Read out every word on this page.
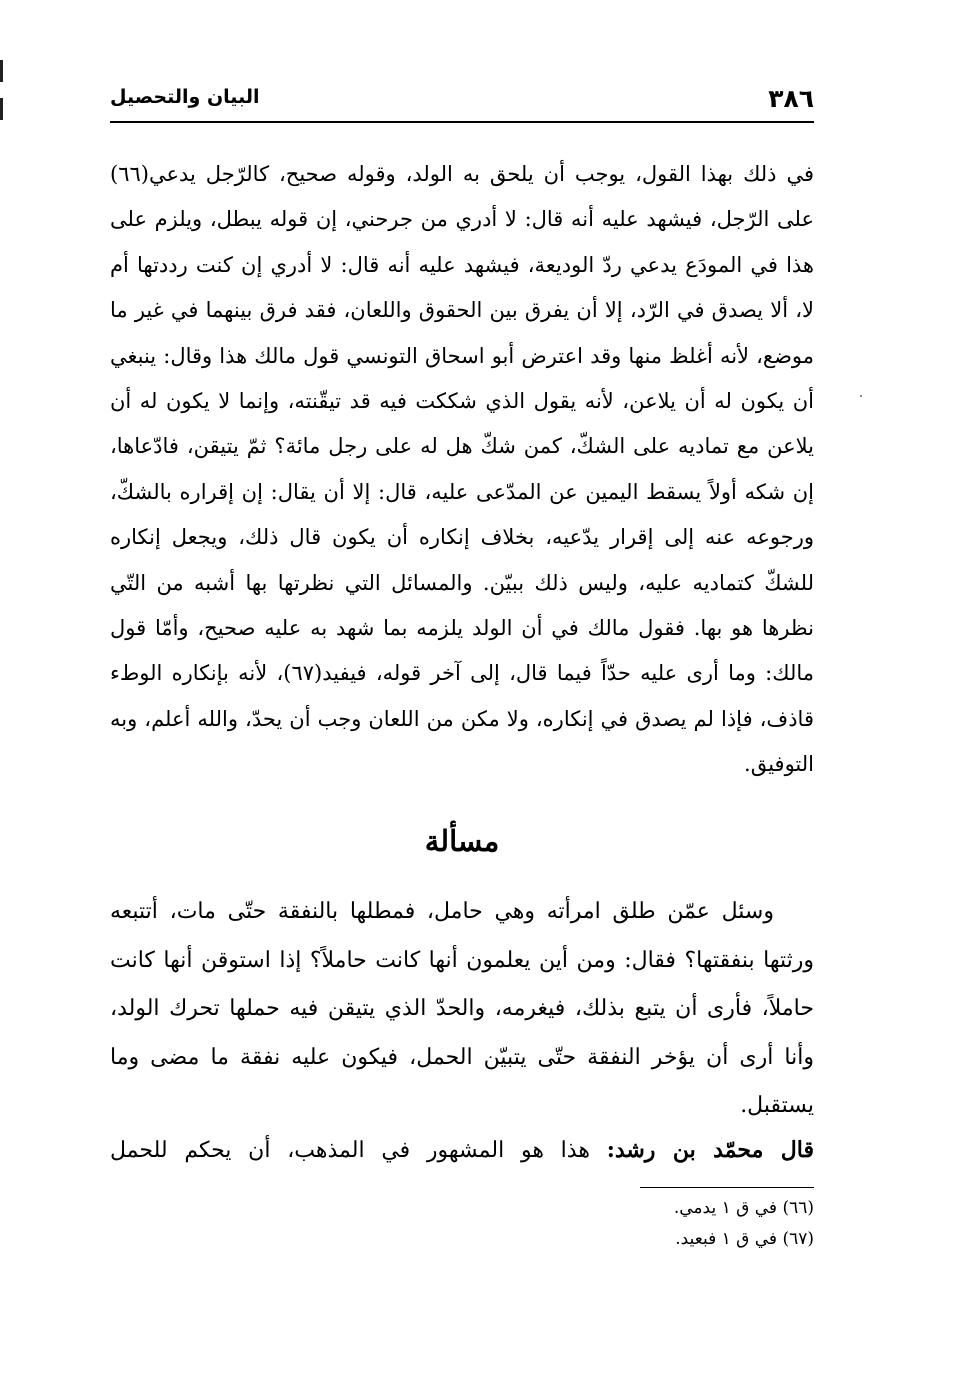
٣٨٦
البيان والتحصيل

في ذلك بهذا القول، يوجب أن يلحق به الولد، وقوله صحيح، كالرّجل يدعي(٦٦) على الرّجل، فيشهد عليه أنه قال: لا أدري من جرحني، إن قوله يبطل، ويلزم على هذا في المودَع يدعي ردّ الوديعة، فيشهد عليه أنه قال: لا أدري إن كنت رددتها أم لا، ألا يصدق في الرّد، إلا أن يفرق بين الحقوق واللعان، فقد فرق بينهما في غير ما موضع، لأنه أغلظ منها وقد اعترض أبو اسحاق التونسي قول مالك هذا وقال: ينبغي أن يكون له أن يلاعن، لأنه يقول الذي شككت فيه قد تيقّنته، وإنما لا يكون له أن يلاعن مع تماديه على الشكّ، كمن شكّ هل له على رجل مائة؟ ثمّ يتيقن، فادّعاها، إن شكه أولاً يسقط اليمين عن المدّعى عليه، قال: إلا أن يقال: إن إقراره بالشكّ، ورجوعه عنه إلى إقرار يدّعيه، بخلاف إنكاره أن يكون قال ذلك، ويجعل إنكاره للشكّ كتماديه عليه، وليس ذلك ببيّن. والمسائل التي نظرتها بها أشبه من التّي نظرها هو بها. فقول مالك في أن الولد يلزمه بما شهد به عليه صحيح، وأمّا قول مالك: وما أرى عليه حدّاً فيما قال، إلى آخر قوله، فيفيد(٦٧)، لأنه بإنكاره الوطء قاذف، فإذا لم يصدق في إنكاره، ولا مكن من اللعان وجب أن يحدّ، والله أعلم، وبه التوفيق.

مسألة

وسئل عمّن طلق امرأته وهي حامل، فمطلها بالنفقة حتّى مات، أتتبعه ورثتها بنفقتها؟ فقال: ومن أين يعلمون أنها كانت حاملاً؟ إذا استوقن أنها كانت حاملاً، فأرى أن يتبع بذلك، فيغرمه، والحدّ الذي يتيقن فيه حملها تحرك الولد، وأنا أرى أن يؤخر النفقة حتّى يتبيّن الحمل، فيكون عليه نفقة ما مضى وما يستقبل.

قال محمّد بن رشد: هذا هو المشهور في المذهب، أن يحكم للحمل
(٦٦) في ق ١ يدمي.
(٦٧) في ق ١ فبعيد.
